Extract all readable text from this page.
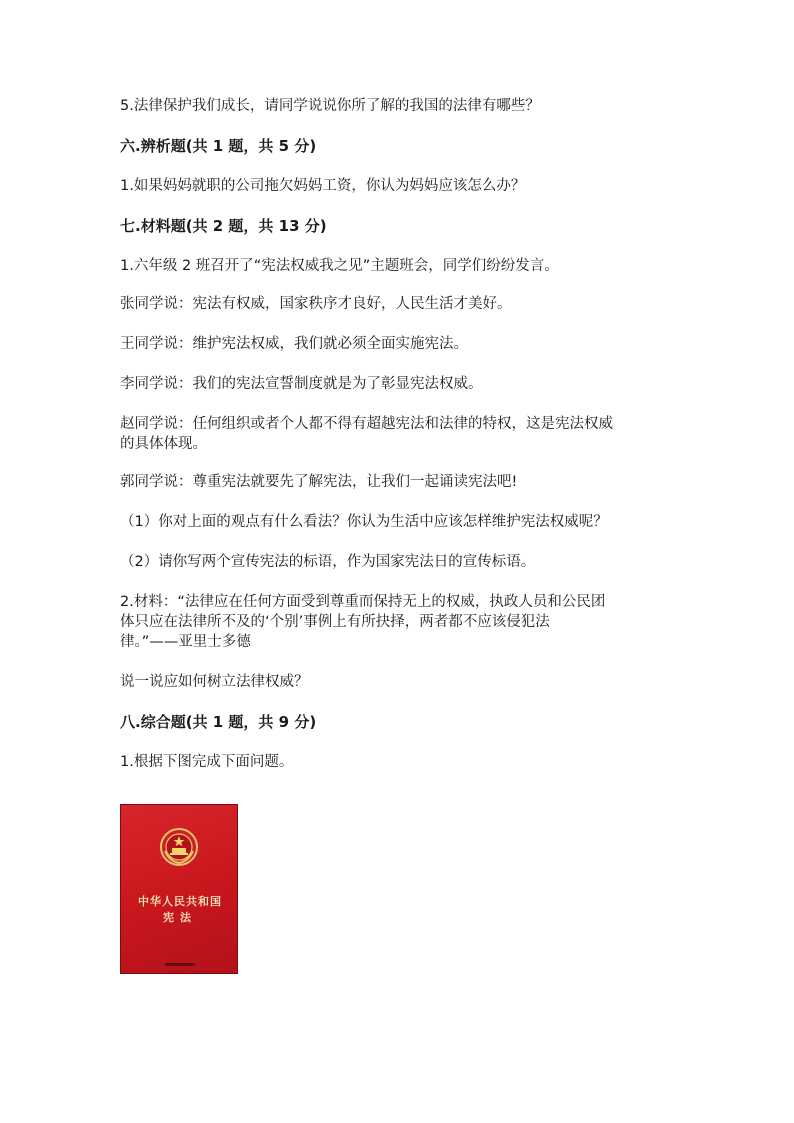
5.法律保护我们成长，请同学说说你所了解的我国的法律有哪些？
六.辨析题(共 1 题，共 5 分)
1.如果妈妈就职的公司拖欠妈妈工资，你认为妈妈应该怎么办？
七.材料题(共 2 题，共 13 分)
1.六年级 2 班召开了“宪法权威我之见”主题班会，同学们纷纷发言。
张同学说：宪法有权威，国家秩序才良好，人民生活才美好。
王同学说：维护宪法权威，我们就必须全面实施宪法。
李同学说：我们的宪法宣誓制度就是为了彰显宪法权威。
赵同学说：任何组织或者个人都不得有超越宪法和法律的特权，这是宪法权威
的具体体现。
郭同学说：尊重宪法就要先了解宪法，让我们一起诵读宪法吧!
（1）你对上面的观点有什么看法？你认为生活中应该怎样维护宪法权威呢？
（2）请你写两个宣传宪法的标语，作为国家宪法日的宣传标语。
2.材料：“法律应在任何方面受到尊重而保持无上的权威，执政人员和公民团
体只应在法律所不及的‘个别’事例上有所抉择，两者都不应该侵犯法
律。”——亚里士多德
说一说应如何树立法律权威？
八.综合题(共 1 题，共 9 分)
1.根据下图完成下面问题。
中华人民共和国
宪法
